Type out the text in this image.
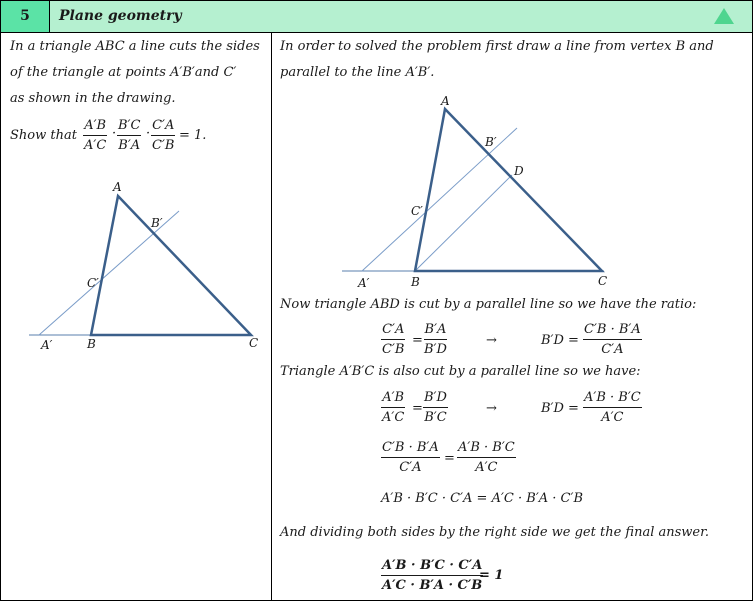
5	Plane geometry
In a triangle ABC a line cuts the sides
of the triangle at points A′B′and C′
as shown in the drawing.
Show that $\frac{A'B}{A'C} \cdot \frac{B'C}{B'A} \cdot \frac{C'A}{C'B} = 1$.
A
B′
C′
A′	B	C
In order to solved the problem first draw a line from vertex B and
parallel to the line A′B′.
A
B′
D
C′
A′	B	C
Now triangle ABD is cut by a parallel line so we have the ratio:
$\frac{C'A}{C'B} = \frac{B'A}{B'D}$	→	$B'D = \frac{C'B \cdot B'A}{C'A}$
Triangle A′B′C is also cut by a parallel line so we have:
$\frac{A'B}{A'C} = \frac{B'D}{B'C}$	→	$B'D = \frac{A'B \cdot B'C}{A'C}$
$\frac{C'B \cdot B'A}{C'A} = \frac{A'B \cdot B'C}{A'C}$
A′B · B′C · C′A = A′C · B′A · C′B
And dividing both sides by the right side we get the final answer.
$\frac{A'B \cdot B'C \cdot C'A}{A'C \cdot B'A \cdot C'B}$
= 1
